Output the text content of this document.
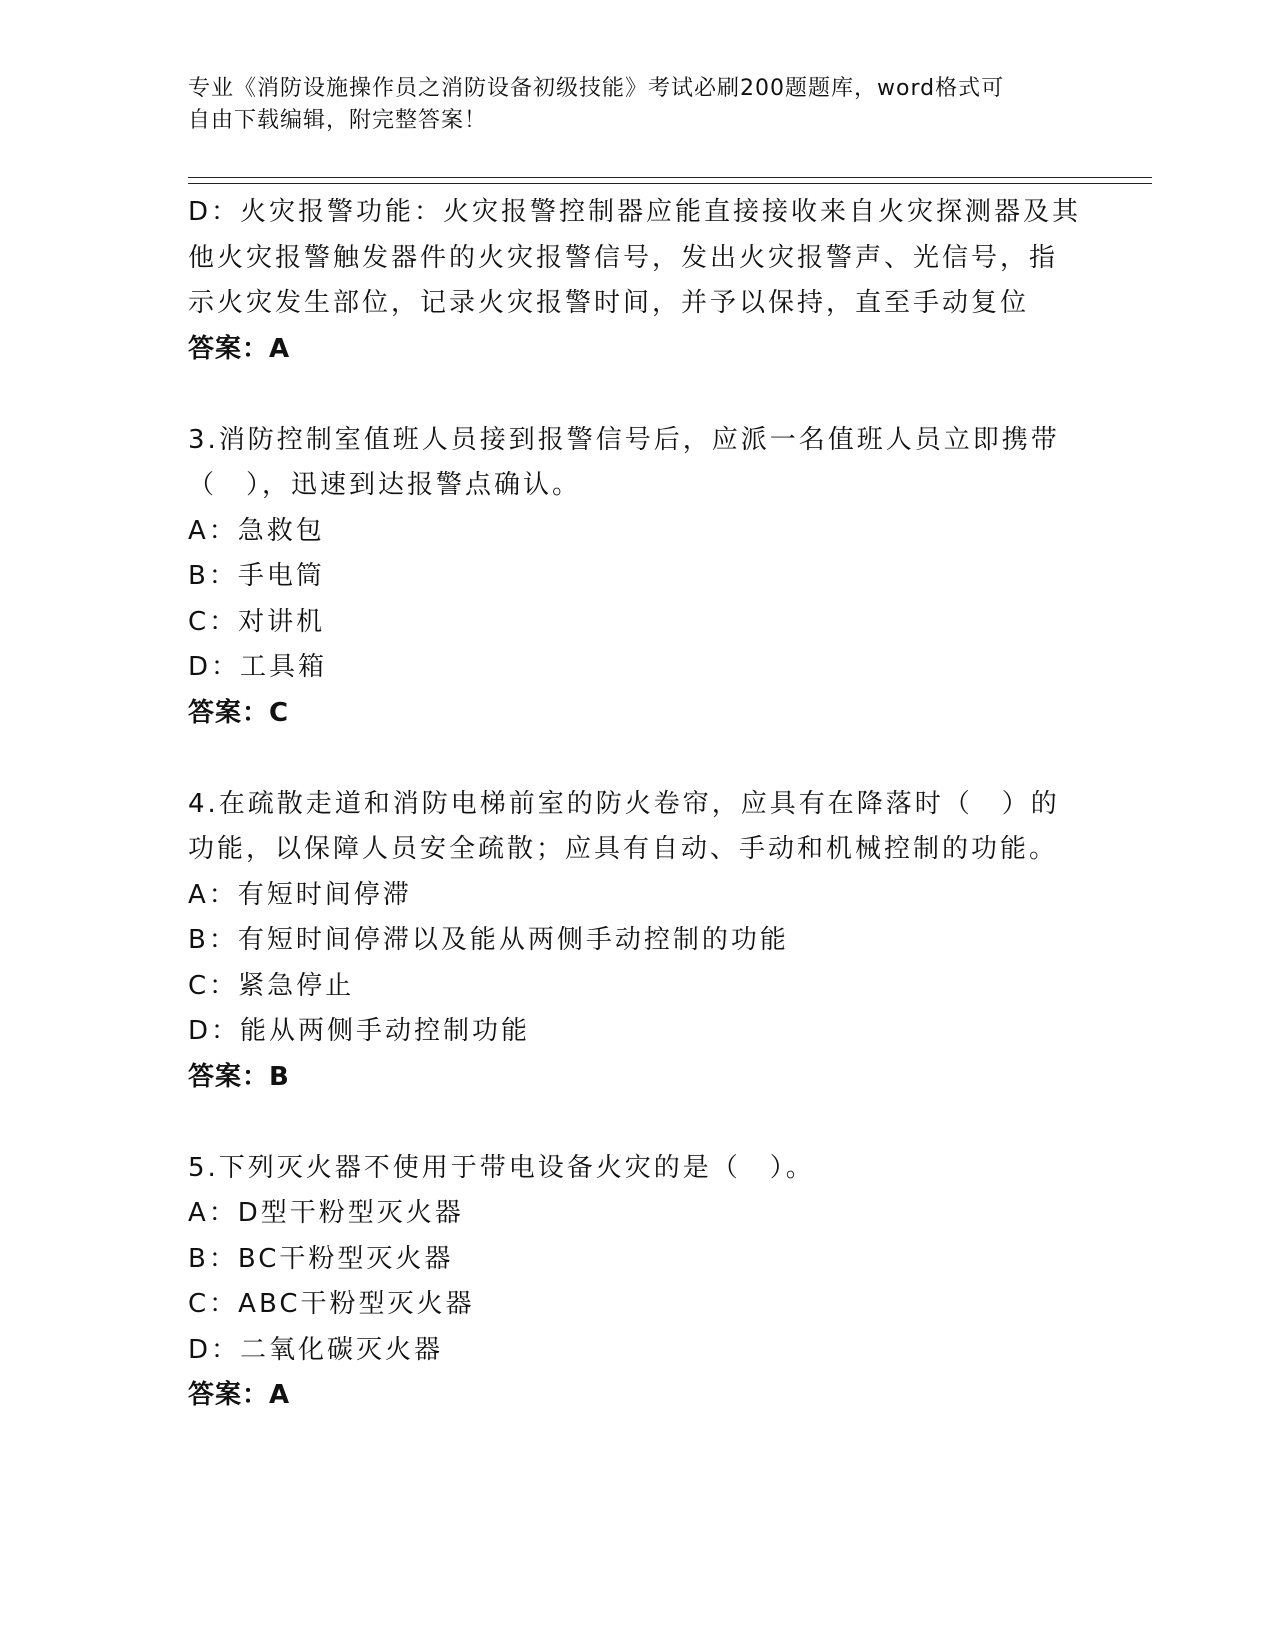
专业《消防设施操作员之消防设备初级技能》考试必刷200题题库，word格式可
自由下载编辑，附完整答案！
D：火灾报警功能：火灾报警控制器应能直接接收来自火灾探测器及其
他火灾报警触发器件的火灾报警信号，发出火灾报警声、光信号，指
示火灾发生部位，记录火灾报警时间，并予以保持，直至手动复位
答案：A
3.消防控制室值班人员接到报警信号后，应派一名值班人员立即携带
（　），迅速到达报警点确认。
A：急救包
B：手电筒
C：对讲机
D：工具箱
答案：C
4.在疏散走道和消防电梯前室的防火卷帘，应具有在降落时（　）的
功能，以保障人员安全疏散；应具有自动、手动和机械控制的功能。
A：有短时间停滞
B：有短时间停滞以及能从两侧手动控制的功能
C：紧急停止
D：能从两侧手动控制功能
答案：B
5.下列灭火器不使用于带电设备火灾的是（　）。
A：D型干粉型灭火器
B：BC干粉型灭火器
C：ABC干粉型灭火器
D：二氧化碳灭火器
答案：A
